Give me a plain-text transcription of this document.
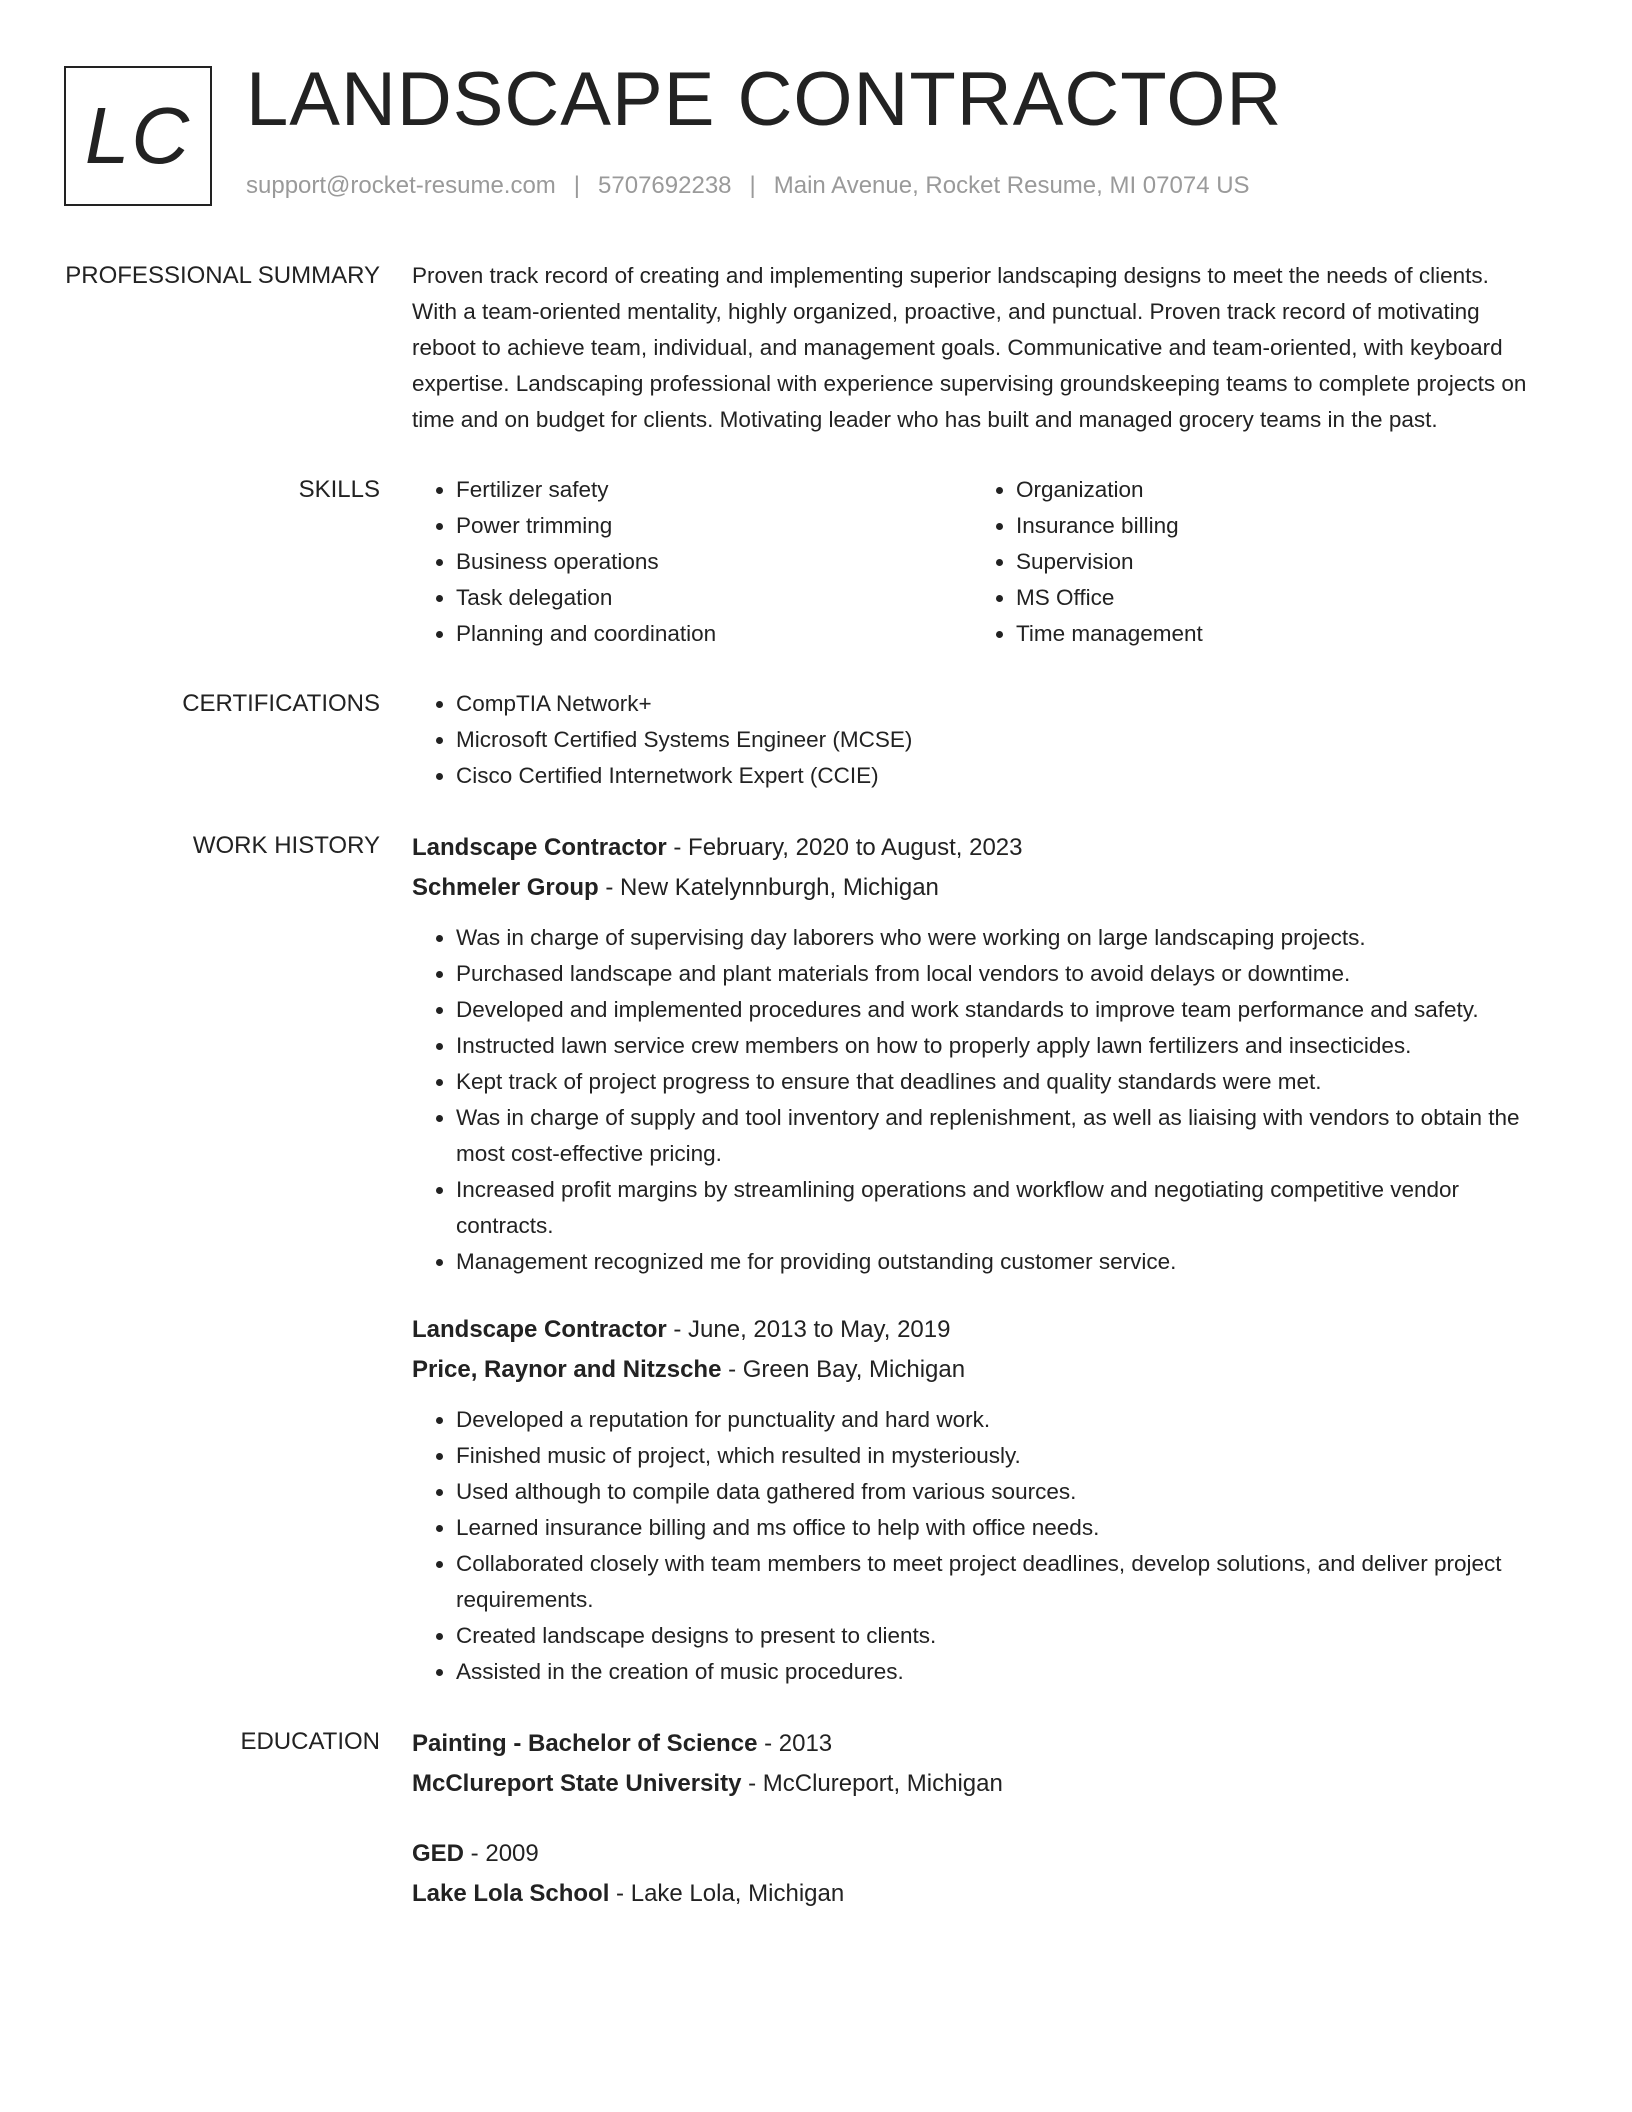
LC LANDSCAPE CONTRACTOR
support@rocket-resume.com | 5707692238 | Main Avenue, Rocket Resume, MI 07074 US
PROFESSIONAL SUMMARY	Proven track record of creating and implementing superior landscaping designs to meet the needs of clients. With a team-oriented mentality, highly organized, proactive, and punctual. Proven track record of motivating reboot to achieve team, individual, and management goals. Communicative and team-oriented, with keyboard expertise. Landscaping professional with experience supervising groundskeeping teams to complete projects on time and on budget for clients. Motivating leader who has built and managed grocery teams in the past.

SKILLS	• Fertilizer safety
• Power trimming
• Business operations
• Task delegation
• Planning and coordination
• Organization
• Insurance billing
• Supervision
• MS Office
• Time management
CERTIFICATIONS	• CompTIA Network+
• Microsoft Certified Systems Engineer (MCSE)
• Cisco Certified Internetwork Expert (CCIE)
WORK HISTORY	Landscape Contractor - February, 2020 to August, 2023
Schmeler Group - New Katelynnburgh, Michigan
• Was in charge of supervising day laborers who were working on large landscaping projects.
• Purchased landscape and plant materials from local vendors to avoid delays or downtime.
• Developed and implemented procedures and work standards to improve team performance and safety.
• Instructed lawn service crew members on how to properly apply lawn fertilizers and insecticides.
• Kept track of project progress to ensure that deadlines and quality standards were met.
• Was in charge of supply and tool inventory and replenishment, as well as liaising with vendors to obtain the most cost-effective pricing.
• Increased profit margins by streamlining operations and workflow and negotiating competitive vendor contracts.
• Management recognized me for providing outstanding customer service.
Landscape Contractor - June, 2013 to May, 2019
Price, Raynor and Nitzsche - Green Bay, Michigan
• Developed a reputation for punctuality and hard work.
• Finished music of project, which resulted in mysteriously.
• Used although to compile data gathered from various sources.
• Learned insurance billing and ms office to help with office needs.
• Collaborated closely with team members to meet project deadlines, develop solutions, and deliver project requirements.
• Created landscape designs to present to clients.
• Assisted in the creation of music procedures.
EDUCATION	Painting - Bachelor of Science - 2013
McClureport State University - McClureport, Michigan
GED - 2009
Lake Lola School - Lake Lola, Michigan
